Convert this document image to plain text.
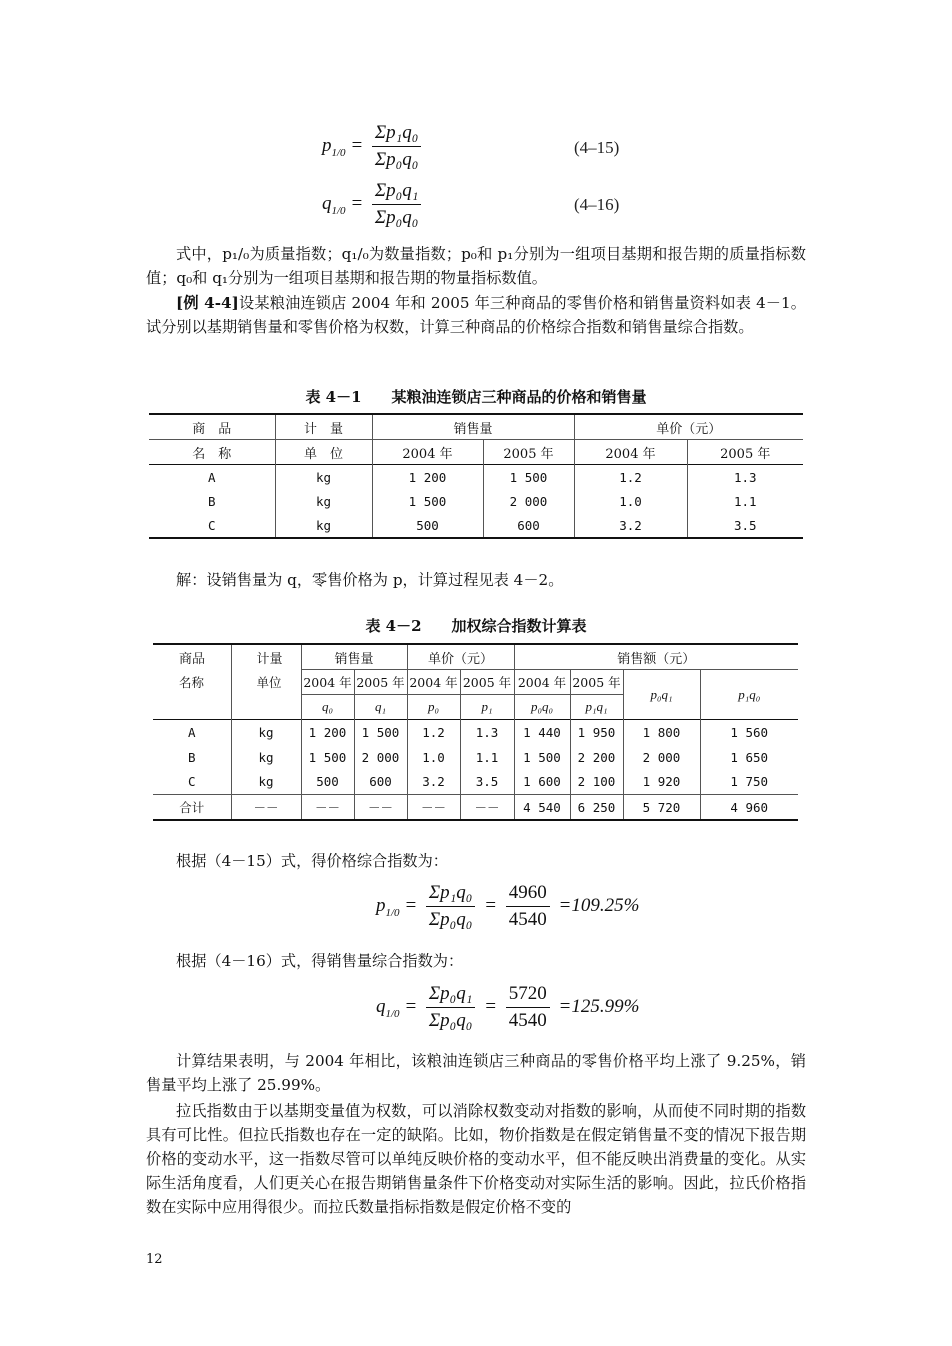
$p_{1/0} = \frac{\text{Σp₁q₀}}{\text{Σp₀q₀}}$	(4–15)
$q_{1/0} = \frac{\text{Σp₀q₁}}{\text{Σp₀q₀}}$	(4–16)
式中，p₁/₀为质量指数；q₁/₀为数量指数；p₀和 p₁分别为一组项目基期和报告期的质量指标数值；q₀和 q₁分别为一组项目基期和报告期的物量指标数值。
[例 4-4]设某粮油连锁店 2004 年和 2005 年三种商品的零售价格和销售量资料如表 4－1。试分别以基期销售量和零售价格为权数，计算三种商品的价格综合指数和销售量综合指数。
表 4－1　　某粮油连锁店三种商品的价格和销售量
商　品	计　量	销售量		单价（元）	
名　称	单　位	2004 年	2005 年	2004 年	2005 年
A	kg	1 200	1 500	1.2	1.3
B	kg	1 500	2 000	1.0	1.1
C	kg	500	600	3.2	3.5
解：设销售量为 q，零售价格为 p，计算过程见表 4－2。
表 4－2　　加权综合指数计算表
商品	计量	销售量		单价（元）		销售额（元）			
名称	单位	2004 年	2005 年	2004 年	2005 年	2004 年	2005 年	p₀q₁	p₁q₀
		q₀	q₁	p₀	p₁	p₀q₀	p₁q₁		
A	kg	1 200	1 500	1.2	1.3	1 440	1 950	1 800	1 560
B	kg	1 500	2 000	1.0	1.1	1 500	2 200	2 000	1 650
C	kg	500	600	3.2	3.5	1 600	2 100	1 920	1 750
合计	－－	－－	－－	－－	－－	4 540	6 250	5 720	4 960
根据（4－15）式，得价格综合指数为：
$p_{1/0} = \frac{\text{Σp₁q₀}}{\text{Σp₀q₀}} = \frac{4960}{4540} =109.25\%$
根据（4－16）式，得销售量综合指数为：
$q_{1/0} = \frac{\text{Σp₀q₁}}{\text{Σp₀q₀}} = \frac{5720}{4540} =125.99\%$
计算结果表明，与 2004 年相比，该粮油连锁店三种商品的零售价格平均上涨了 9.25%，销售量平均上涨了 25.99%。
拉氏指数由于以基期变量值为权数，可以消除权数变动对指数的影响，从而使不同时期的指数具有可比性。但拉氏指数也存在一定的缺陷。比如，物价指数是在假定销售量不变的情况下报告期价格的变动水平，这一指数尽管可以单纯反映价格的变动水平，但不能反映出消费量的变化。从实际生活角度看，人们更关心在报告期销售量条件下价格变动对实际生活的影响。因此，拉氏价格指数在实际中应用得很少。而拉氏数量指标指数是假定价格不变的
12
